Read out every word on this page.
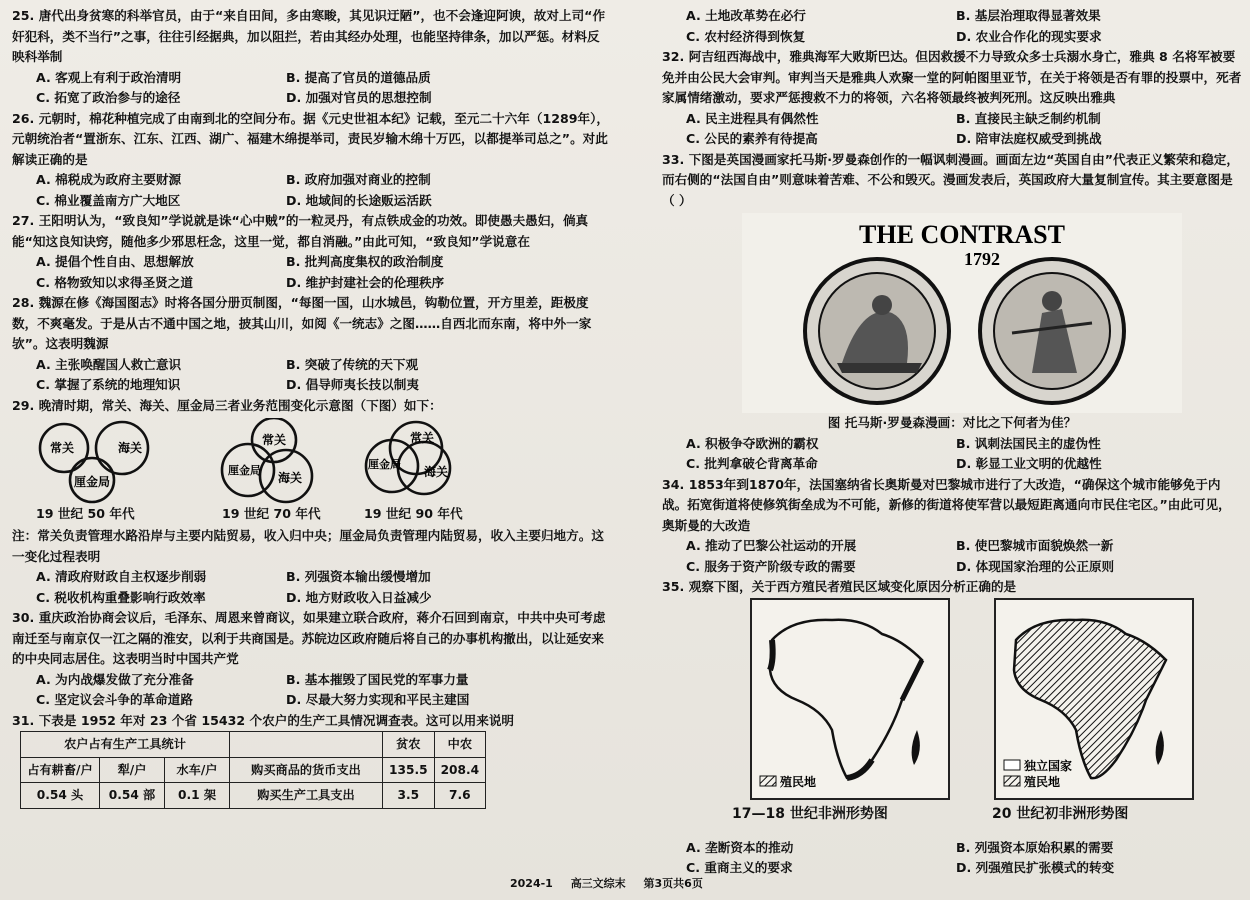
25. 唐代出身贫寒的科举官员，由于“来自田间，多由寒畯，其见识迂陋”，也不会逢迎阿谀，故对上司“作奸犯科，类不当行”之事，往往引经据典，加以阻拦，若由其经办处理，也能坚持律条，加以严惩。材料反映科举制

A. 客观上有利于政治清明	B. 提高了官员的道德品质
C. 拓宽了政治参与的途径	D. 加强对官员的思想控制

26. 元朝时，棉花种植完成了由南到北的空间分布。据《元史世祖本纪》记载，至元二十六年（1289年），元朝统治者“置浙东、江东、江西、湖广、福建木绵提举司，责民岁输木绵十万匹，以都提举司总之”。对此解读正确的是

A. 棉税成为政府主要财源	B. 政府加强对商业的控制
C. 棉业覆盖南方广大地区	D. 地域间的长途贩运活跃

27. 王阳明认为，“致良知”学说就是诛“心中贼”的一粒灵丹，有点铁成金的功效。即使愚夫愚妇，倘真能“知这良知诀窍，随他多少邪思枉念，这里一觉，都自消融。”由此可知，“致良知”学说意在

A. 提倡个性自由、思想解放	B. 批判高度集权的政治制度
C. 格物致知以求得圣贤之道	D. 维护封建社会的伦理秩序

28. 魏源在修《海国图志》时将各国分册页制图，“每图一国，山水城邑，钩勒位置，开方里差，距极度数，不爽毫发。于是从古不通中国之地，披其山川，如阅《一统志》之图……自西北而东南，将中外一家欤”。这表明魏源

A. 主张唤醒国人救亡意识	B. 突破了传统的天下观
C. 掌握了系统的地理知识	D. 倡导师夷长技以制夷

29. 晚清时期，常关、海关、厘金局三者业务范围变化示意图（下图）如下：

常关	海关
厘金局
19 世纪 50 年代
常关
厘金局
海关
19 世纪 70 年代
常关
厘金局
海关
19 世纪 90 年代

注：常关负责管理水路沿岸与主要内陆贸易，收入归中央；厘金局负责管理内陆贸易，收入主要归地方。这一变化过程表明

A. 清政府财政自主权逐步削弱	B. 列强资本输出缓慢增加
C. 税收机构重叠影响行政效率	D. 地方财政收入日益减少

30. 重庆政治协商会议后，毛泽东、周恩来曾商议，如果建立联合政府，蒋介石回到南京，中共中央可考虑南迁至与南京仅一江之隔的淮安，以利于共商国是。苏皖边区政府随后将自己的办事机构撤出，以让延安来的中央同志居住。这表明当时中国共产党

A. 为内战爆发做了充分准备	B. 基本摧毁了国民党的军事力量
C. 坚定议会斗争的革命道路	D. 尽最大努力实现和平民主建国

31. 下表是 1952 年对 23 个省 15432 个农户的生产工具情况调查表。这可以用来说明

农户占有生产工具统计				贫农	中农
占有耕畜/户	犁/户	水车/户	购买商品的货币支出	135.5	208.4
0.54 头	0.54 部	0.1 架	购买生产工具支出	3.5	7.6
A. 土地改革势在必行	B. 基层治理取得显著效果
C. 农村经济得到恢复	D. 农业合作化的现实要求

32. 阿吉纽西海战中，雅典海军大败斯巴达。但因救援不力导致众多士兵溺水身亡，雅典 8 名将军被要免并由公民大会审判。审判当天是雅典人欢聚一堂的阿帕图里亚节，在关于将领是否有罪的投票中，死者家属情绪激动，要求严惩搜救不力的将领，六名将领最终被判死刑。这反映出雅典

A. 民主进程具有偶然性	B. 直接民主缺乏制约机制
C. 公民的素养有待提高	D. 陪审法庭权威受到挑战

33. 下图是英国漫画家托马斯·罗曼森创作的一幅讽刺漫画。画面左边“英国自由”代表正义繁荣和稳定，而右侧的“法国自由”则意味着苦难、不公和毁灭。漫画发表后，英国政府大量复制宣传。其主要意图是（ ）

THE CONTRAST
1792

图 托马斯·罗曼森漫画：对比之下何者为佳？

A. 积极争夺欧洲的霸权	B. 讽刺法国民主的虚伪性
C. 批判拿破仑背离革命	D. 彰显工业文明的优越性

34. 1853年到1870年，法国塞纳省长奥斯曼对巴黎城市进行了大改造，“确保这个城市能够免于内战。拓宽街道将使修筑街垒成为不可能，新修的街道将使军营以最短距离通向市民住宅区。”由此可见，奥斯曼的大改造

A. 推动了巴黎公社运动的开展	B. 使巴黎城市面貌焕然一新
C. 服务于资产阶级专政的需要	D. 体现国家治理的公正原则

35. 观察下图，关于西方殖民者殖民区域变化原因分析正确的是

殖民地
17—18 世纪非洲形势图
独立国家
殖民地
20 世纪初非洲形势图
A. 垄断资本的推动	B. 列强资本原始积累的需要
C. 重商主义的要求	D. 列强殖民扩张模式的转变
2024-1 高三文综末 第3页共6页
